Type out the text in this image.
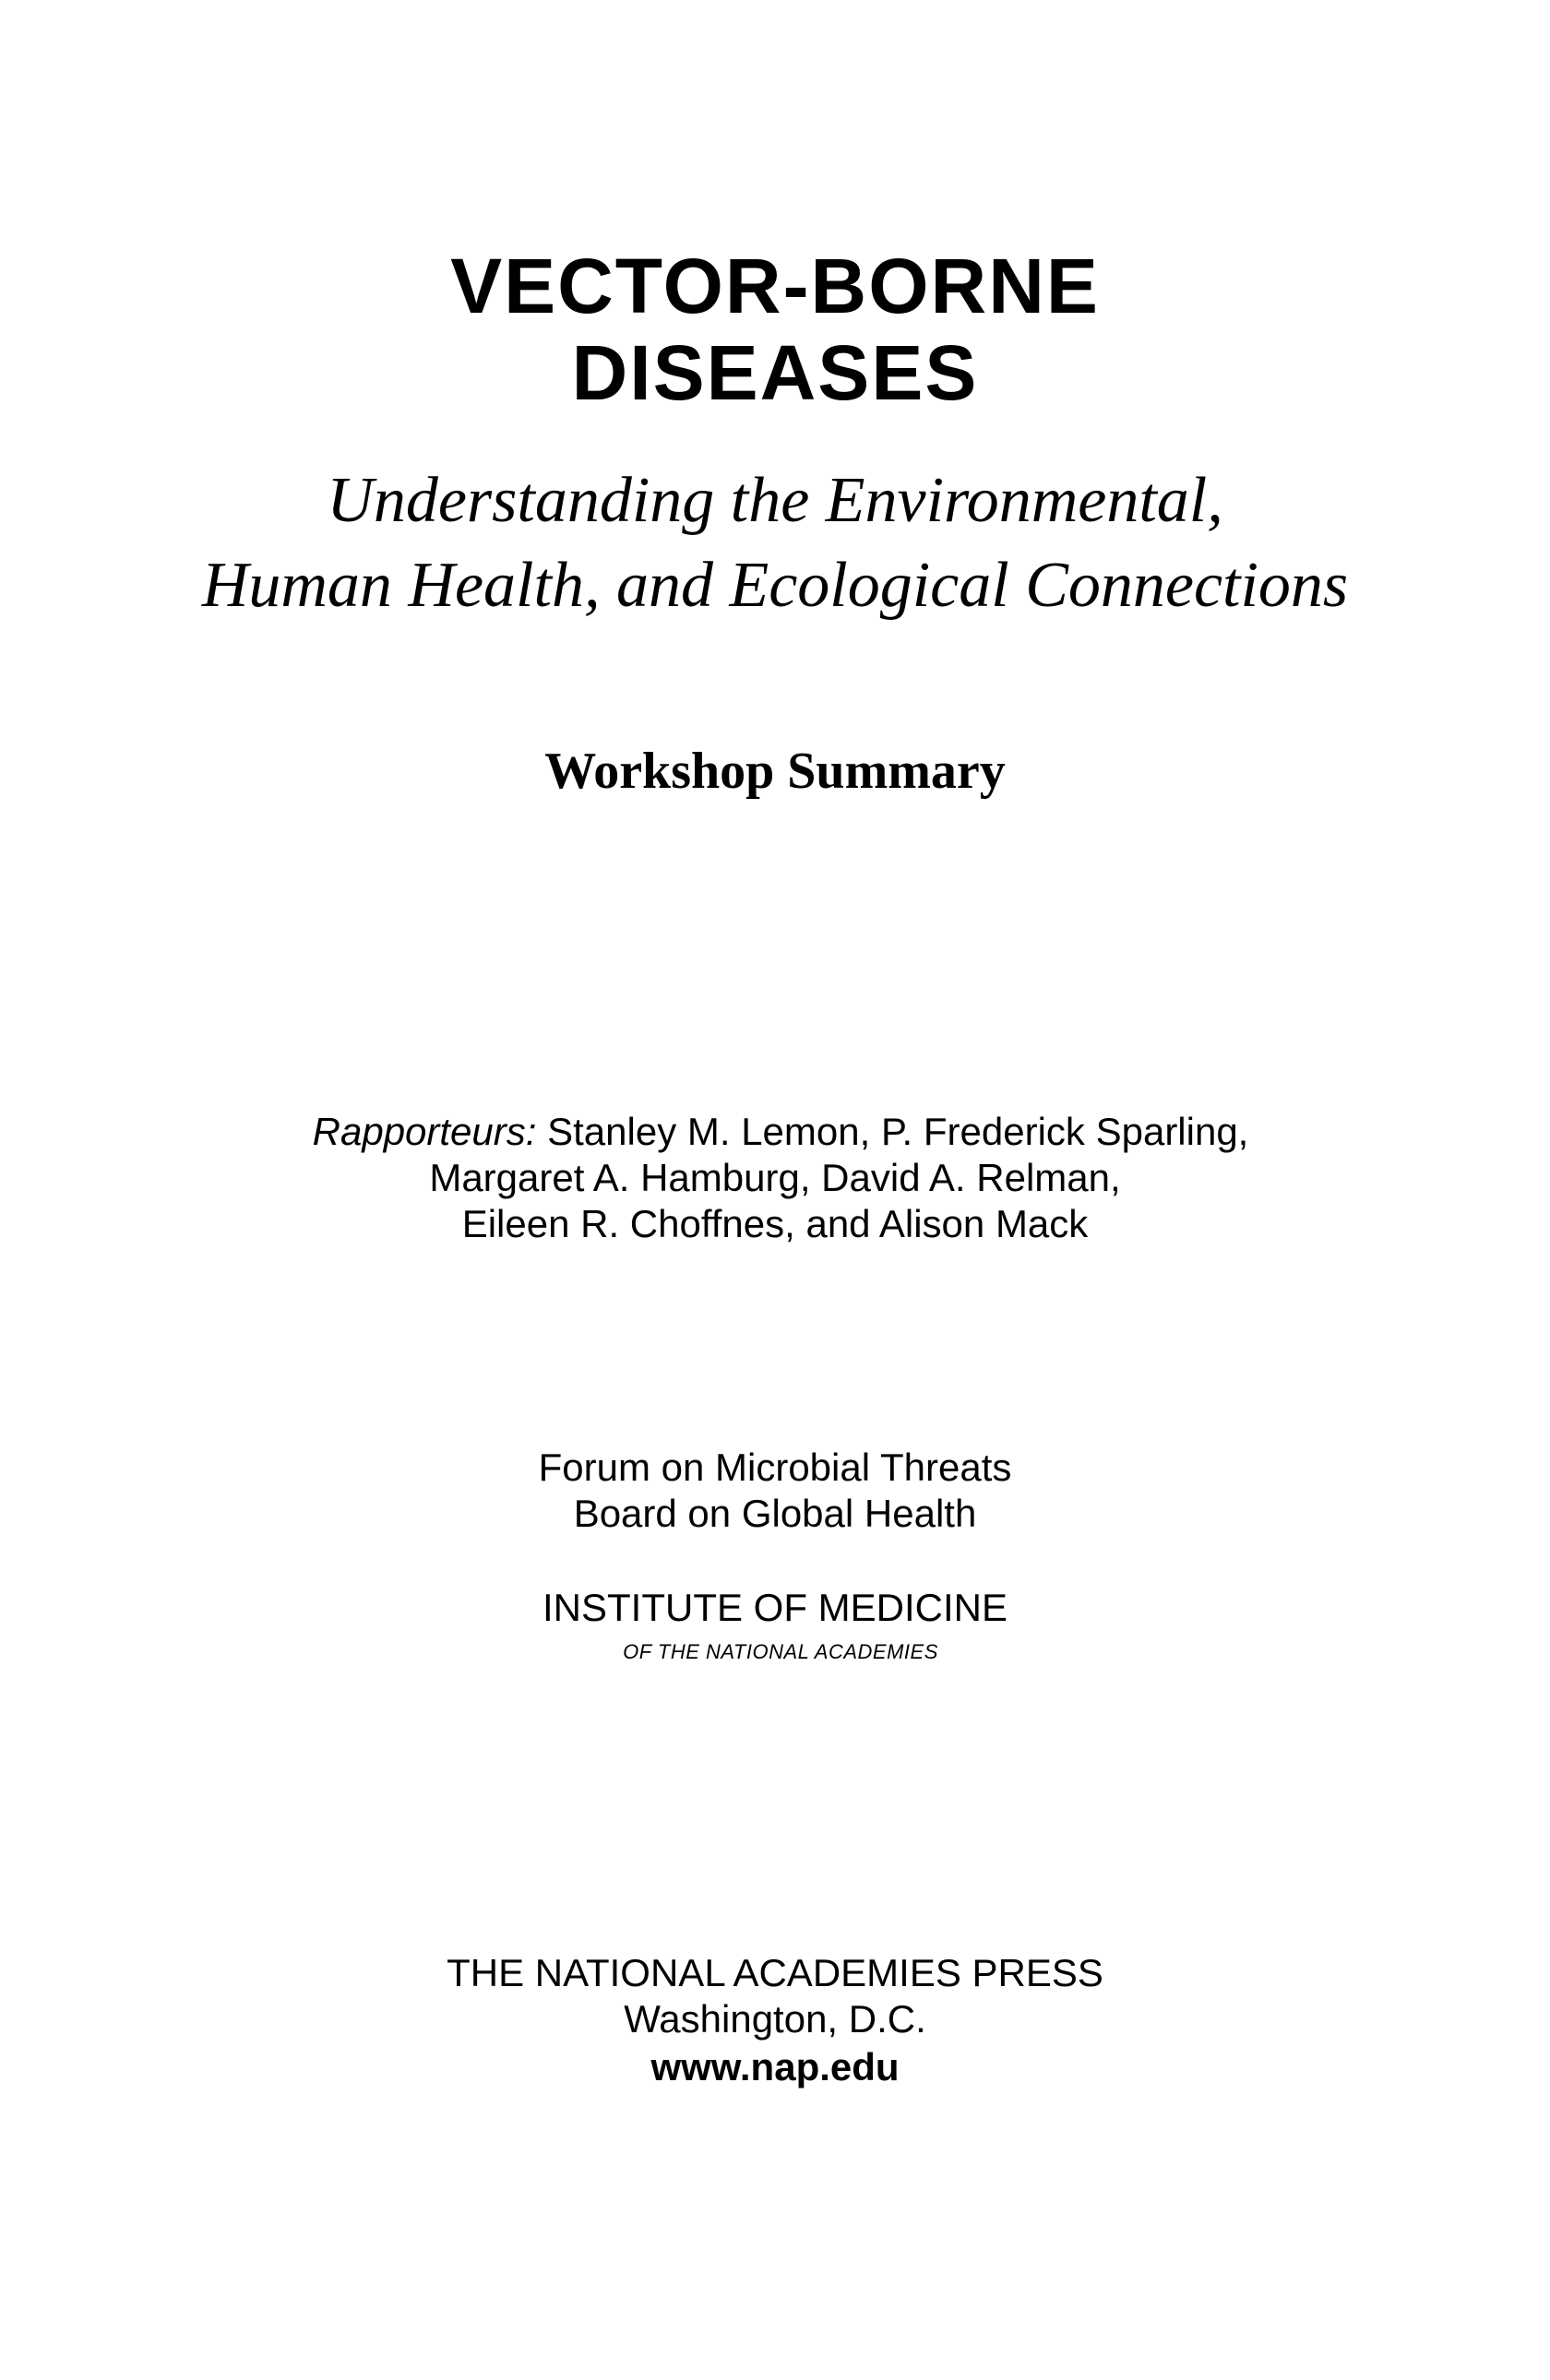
VECTOR-BORNE
DISEASES
Understanding the Environmental,
Human Health, and Ecological Connections
Workshop Summary
Rapporteurs: Stanley M. Lemon, P. Frederick Sparling,
Margaret A. Hamburg, David A. Relman,
Eileen R. Choffnes, and Alison Mack
Forum on Microbial Threats
Board on Global Health
INSTITUTE OF MEDICINE
OF THE NATIONAL ACADEMIES
THE NATIONAL ACADEMIES PRESS
Washington, D.C.
www.nap.edu
